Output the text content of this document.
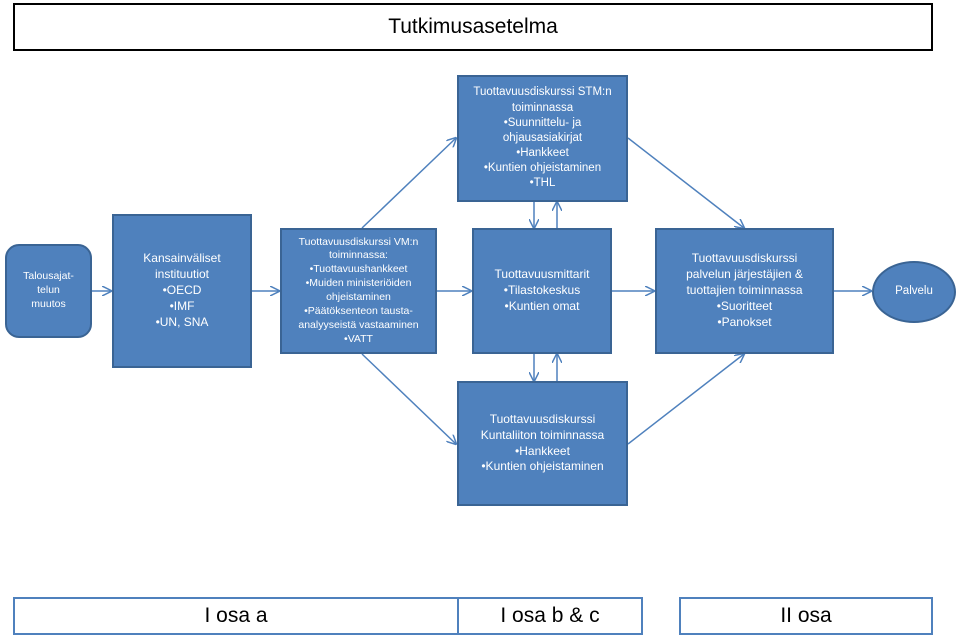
Tutkimusasetelma
Talousajat-
telun
muutos
Kansainväliset
instituutiot
•OECD
•IMF
•UN, SNA
Tuottavuusdiskurssi VM:n
toiminnassa:
•Tuottavuushankkeet
•Muiden ministeriöiden
ohjeistaminen
•Päätöksenteon tausta-
analyyseistä vastaaminen
•VATT
Tuottavuusdiskurssi STM:n
toiminnassa
•Suunnittelu- ja
ohjausasiakirjat
•Hankkeet
•Kuntien ohjeistaminen
•THL
Tuottavuusmittarit
•Tilastokeskus
•Kuntien omat
Tuottavuusdiskurssi
Kuntaliiton toiminnassa
•Hankkeet
•Kuntien ohjeistaminen
Tuottavuusdiskurssi
palvelun järjestäjien &
tuottajien toiminnassa
•Suoritteet
•Panokset
Palvelu
I osa a	I osa b & c	II osa
